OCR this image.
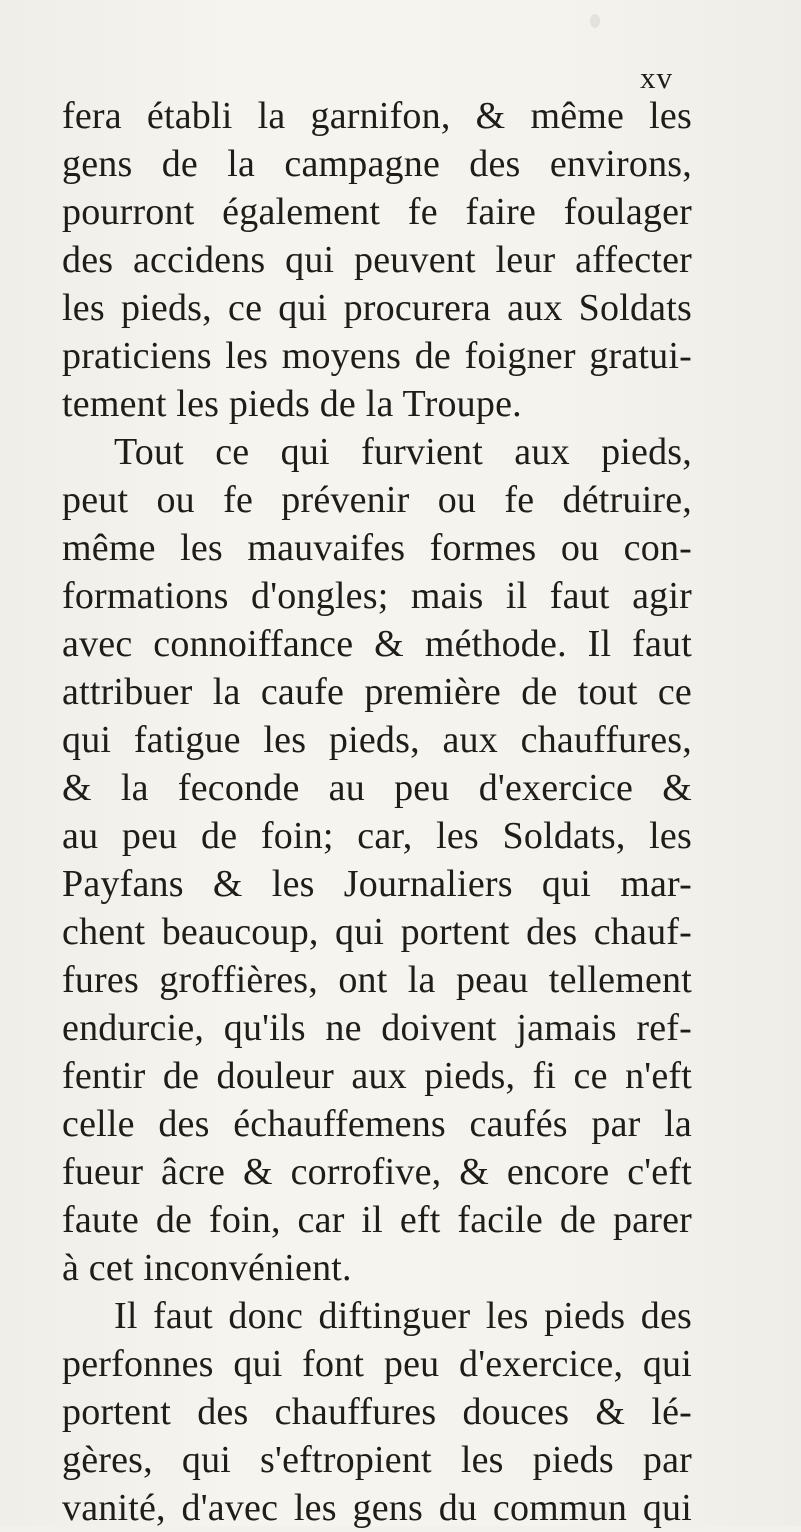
xv
fera établi la garnifon, & même les
gens de la campagne des environs,
pourront également fe faire foulager
des accidens qui peuvent leur affecter
les pieds, ce qui procurera aux Soldats
praticiens les moyens de foigner gratui-
tement les pieds de la Troupe.
Tout ce qui furvient aux pieds,
peut ou fe prévenir ou fe détruire,
même les mauvaifes formes ou con-
formations d'ongles; mais il faut agir
avec connoiffance & méthode. Il faut
attribuer la caufe première de tout ce
qui fatigue les pieds, aux chauffures,
& la feconde au peu d'exercice &
au peu de foin; car, les Soldats, les
Payfans & les Journaliers qui mar-
chent beaucoup, qui portent des chauf-
fures groffières, ont la peau tellement
endurcie, qu'ils ne doivent jamais ref-
fentir de douleur aux pieds, fi ce n'eft
celle des échauffemens caufés par la
fueur âcre & corrofive, & encore c'eft
faute de foin, car il eft facile de parer
à cet inconvénient.
Il faut donc diftinguer les pieds des
perfonnes qui font peu d'exercice, qui
portent des chauffures douces & lé-
gères, qui s'eftropient les pieds par
vanité, d'avec les gens du commun qui
